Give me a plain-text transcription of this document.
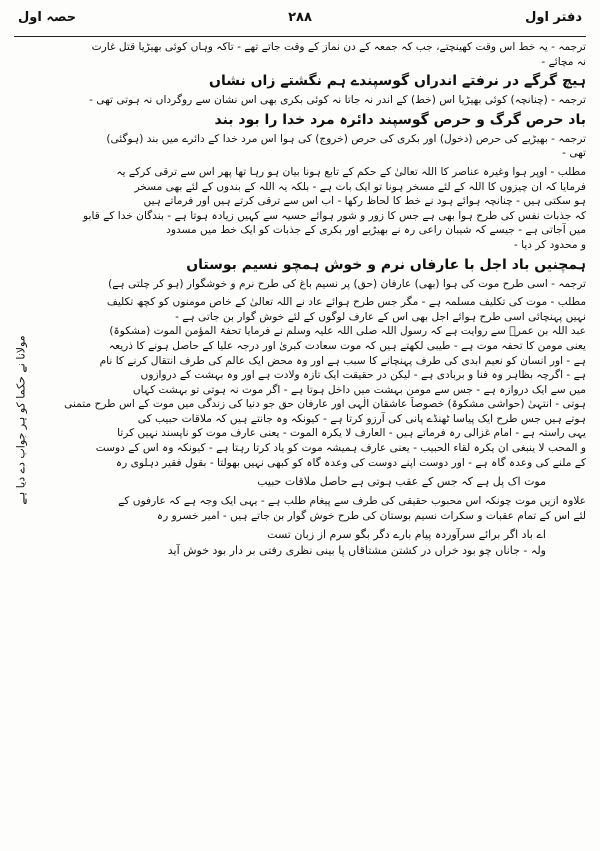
دفتر اول
۲۸۸
حصہ اول
مولانا نے حکما کو ہر جواب دے دیا ہے
ترجمہ - یہ خط اس وقت کھینچتے، جب کہ جمعہ کے دن نماز کے وقت جاتے تھے - تاکہ وہاں کوئی بھیڑیا قتل غارت
نہ مچائے -
ہیچ گرگے در نرفتے اندراں گوسپندے ہم نگشتے زاں نشاں
ترجمہ - (چنانچہ) کوئی بھیڑیا اس (خط) کے اندر نہ جاتا نہ کوئی بکری بھی اس نشان سے روگرداں نہ ہوتی تھی -
باد حرص گرگ و حرص گوسپند دائرہ مرد خدا را بود بند
ترجمہ - بھیڑیے کی حرص (دخول) اور بکری کی حرص (خروج) کی ہوا اس مرد خدا کے دائرے میں بند (ہوگئی)
تھی -
مطلب - اوپر ہوا وغیرہ عناصر کا اللہ تعالیٰ کے حکم کے تابع ہونا بیان ہو رہا تھا پھر اس سے ترقی کرکے یہ
فرمایا کہ ان چیزوں کا اللہ کے لئے مسخر ہونا تو ایک بات ہے - بلکہ یہ اللہ کے بندوں کے لئے بھی مسخر
ہو سکتی ہیں - چنانچہ ہوائے ہود نے خط کا لحاظ رکھا - اب اس سے ترقی کرتے ہیں اور فرماتے ہیں
کہ جذبات نفس کی طرح ہوا بھی ہے جس کا زور و شور ہوائے حسیہ سے کہیں زیادہ ہوتا ہے - بندگان خدا کے قابو
میں آجاتی ہے - جیسے کہ شیبان راعی رہ نے بھیڑیے اور بکری کے جذبات کو ایک خط میں مسدود
و محدود کر دیا -
ہمچنیں باد اجل با عارفاں نرم و خوش ہمچو نسیم بوستاں
ترجمہ - اسی طرح موت کی ہوا (بھی) عارفان (حق) پر نسیم باغ کی طرح نرم و خوشگوار (ہو کر چلتی ہے)
مطلب - موت کی تکلیف مسلمہ ہے - مگر جس طرح ہوائے عاد نے اللہ تعالیٰ کے خاص مومنوں کو کچھ تکلیف
نہیں پہنچائی اسی طرح ہوائے اجل بھی اس کے عارف لوگوں کے لئے خوش گوار بن جاتی ہے -
عبد اللہ بن عمرؓ سے روایت ہے کہ رسول اللہ صلی اللہ علیہ وسلم نے فرمایا تحفۃ المؤمن الموت (مشکوۃ)
یعنی مومن کا تحفہ موت ہے - طیبی لکھتے ہیں کہ موت سعادت کبریٰ اور درجہ علیا کے حاصل ہونے کا ذریعہ
ہے - اور انسان کو نعیم ابدی کی طرف پہنچانے کا سبب ہے اور وہ محض ایک عالم کی طرف انتقال کرنے کا نام
ہے - اگرچہ بظاہر وہ فنا و بربادی ہے - لیکن در حقیقت ایک تازہ ولادت ہے اور وہ بہشت کے دروازوں
میں سے ایک دروازہ ہے - جس سے مومن بہشت میں داخل ہوتا ہے - اگر موت نہ ہوتی تو بہشت کہاں
ہوتی - انتہیٰ (حواشی مشکوۃ) خصوصاً عاشقان الٰہی اور عارفان حق جو دنیا کی زندگی میں موت کے اس طرح متمنی
ہوتے ہیں جس طرح ایک پیاسا ٹھنڈے پانی کی آرزو کرتا ہے - کیونکہ وہ جانتے ہیں کہ ملاقات حبیب کی
یہی راستہ ہے - امام غزالی رہ فرماتے ہیں - العارف لا یکرہ الموت - یعنی عارف موت کو ناپسند نہیں کرتا
و المحب لا ینبغی ان یکرہ لقاء الحبیب - یعنی عارف ہمیشہ موت کو یاد کرتا رہتا ہے - کیونکہ وہ اس کے دوست
کے ملنے کی وعدہ گاہ ہے - اور دوست اپنے دوست کی وعدہ گاہ کو کبھی نہیں بھولتا - بقول فقیر دہلوی رہ
موت اک پل ہے کہ جس کے عقب ہوتی ہے حاصل ملاقات حبیب
علاوہ ازیں موت چونکہ اس محبوب حقیقی کی طرف سے پیغام طلب ہے - یہی ایک وجہ ہے کہ عارفوں کے
لئے اس کے تمام عقبات و سکرات نسیم بوستان کی طرح خوش گوار بن جاتے ہیں - امیر خسرو رہ
اے باد اگر برائے سرآوردہ پیام بارے دگر بگو سرم از زبان تست
ولہ - جاناں چو بود خراں در کشتن مشتاقاں پا بینی نظری رفتی بر دار بود خوش آید
